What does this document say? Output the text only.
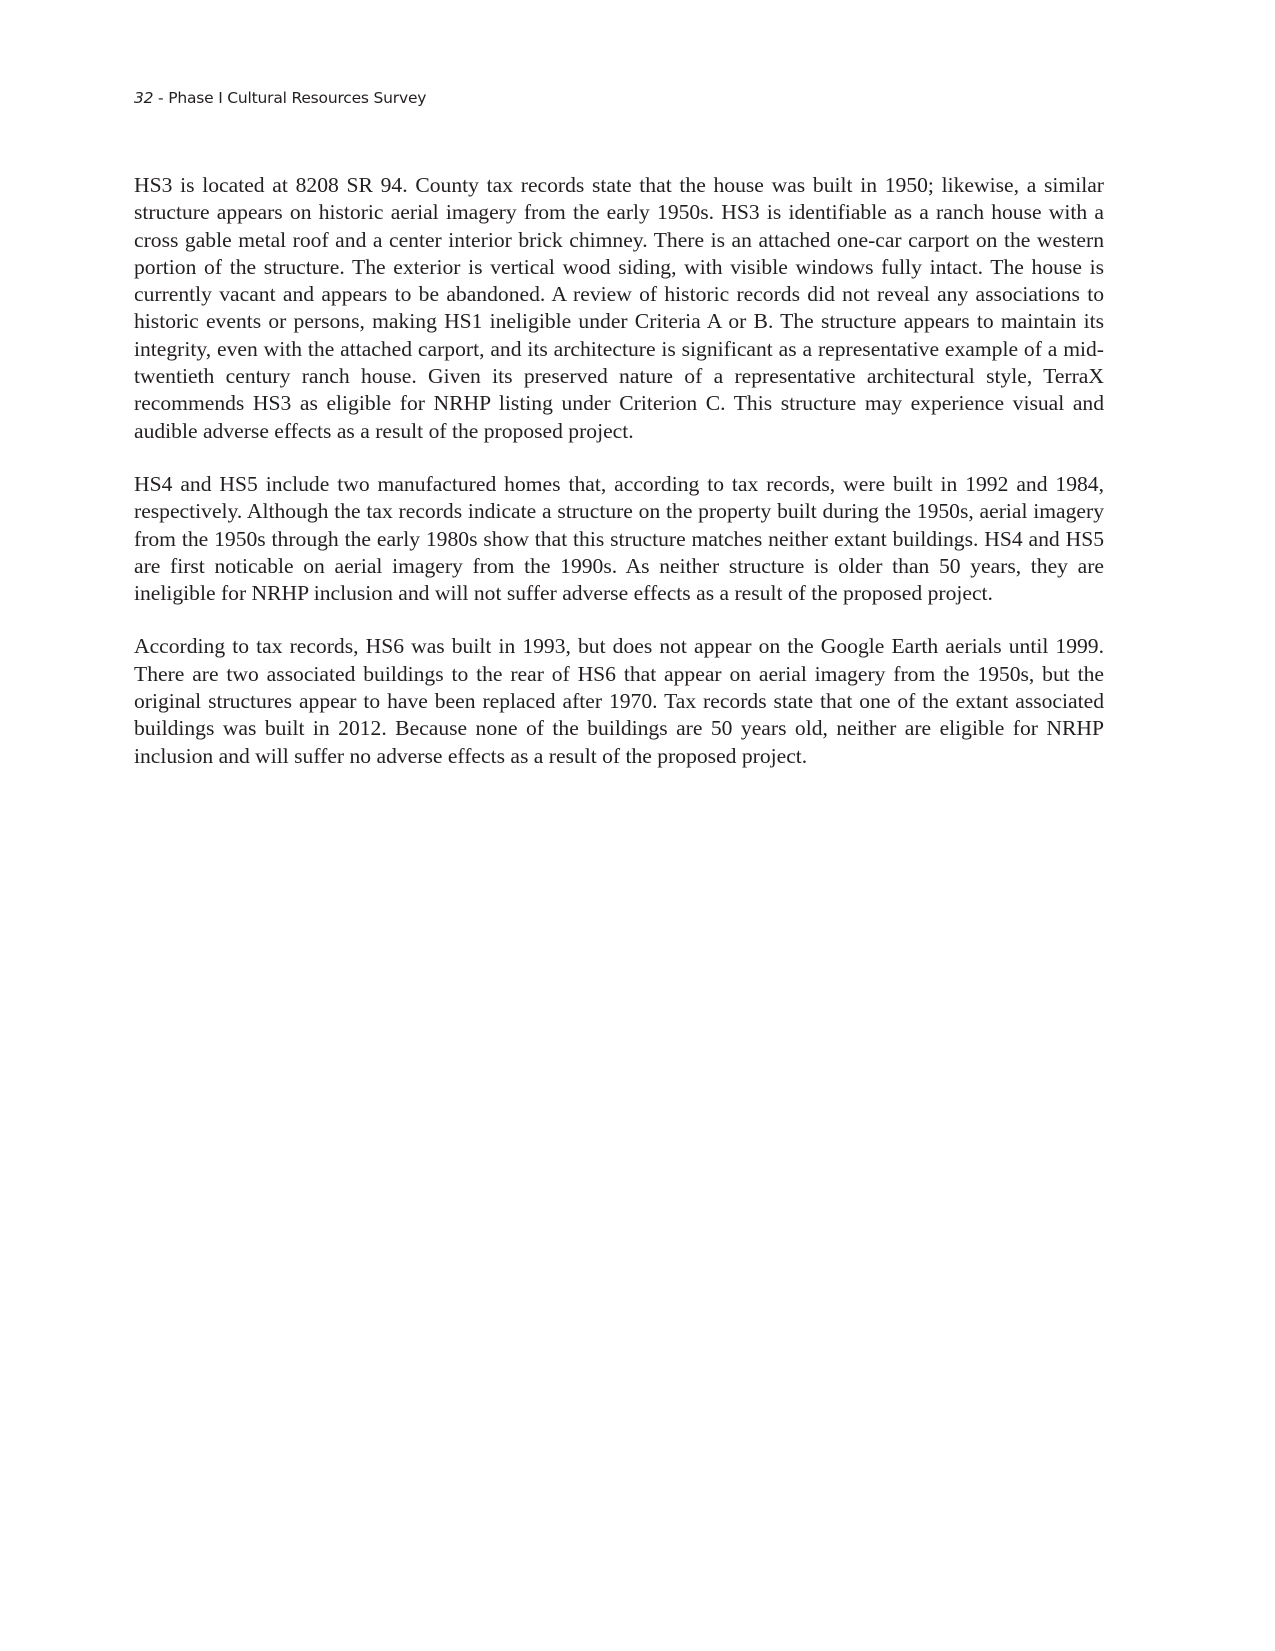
32 - Phase I Cultural Resources Survey

HS3 is located at 8208 SR 94. County tax records state that the house was built in 1950; likewise, a similar structure appears on historic aerial imagery from the early 1950s. HS3 is identifiable as a ranch house with a cross gable metal roof and a center interior brick chimney. There is an attached one-car carport on the western portion of the structure. The exterior is vertical wood siding, with visible windows fully intact. The house is currently vacant and appears to be abandoned. A review of historic records did not reveal any associations to historic events or persons, making HS1 ineligible under Criteria A or B. The structure appears to maintain its integrity, even with the attached carport, and its architecture is significant as a representative example of a mid-twentieth century ranch house. Given its preserved nature of a representative architectural style, TerraX recommends HS3 as eligible for NRHP listing under Criterion C. This structure may experience visual and audible adverse effects as a result of the proposed project.

HS4 and HS5 include two manufactured homes that, according to tax records, were built in 1992 and 1984, respectively. Although the tax records indicate a structure on the property built during the 1950s, aerial imagery from the 1950s through the early 1980s show that this structure matches neither extant buildings. HS4 and HS5 are first noticable on aerial imagery from the 1990s. As neither structure is older than 50 years, they are ineligible for NRHP inclusion and will not suffer adverse effects as a result of the proposed project.

According to tax records, HS6 was built in 1993, but does not appear on the Google Earth aerials until 1999. There are two associated buildings to the rear of HS6 that appear on aerial imagery from the 1950s, but the original structures appear to have been replaced after 1970. Tax records state that one of the extant associated buildings was built in 2012. Because none of the buildings are 50 years old, neither are eligible for NRHP inclusion and will suffer no adverse effects as a result of the proposed project.
